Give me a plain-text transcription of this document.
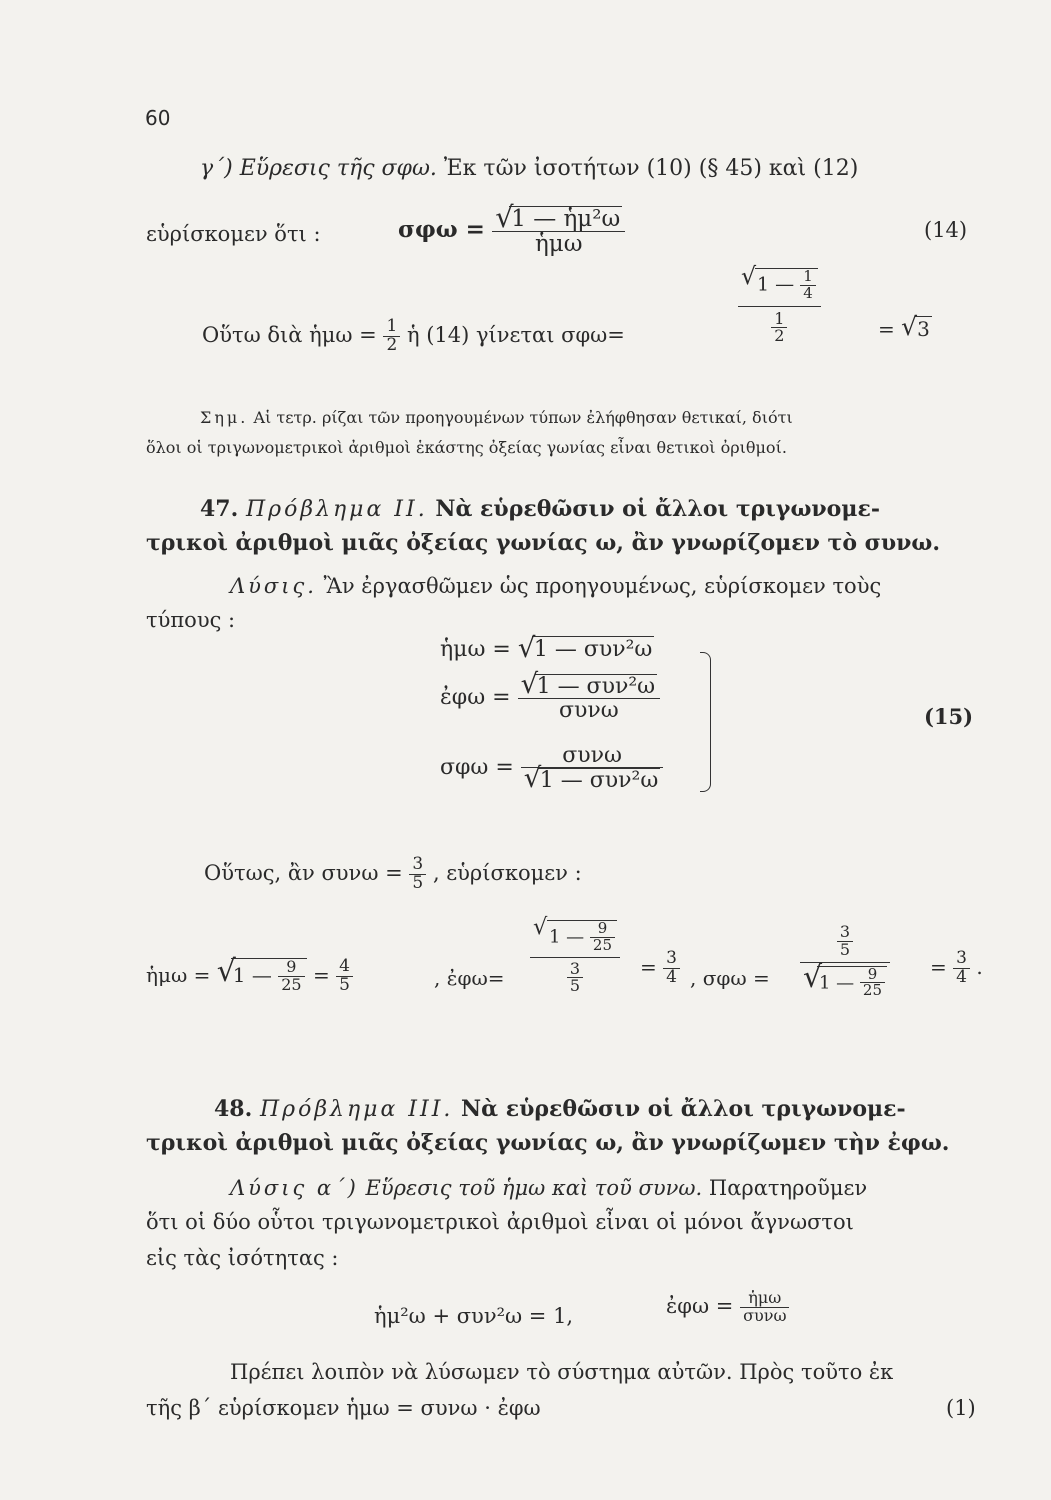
60
γ΄) Εὕρεσις τῆς σφω. Ἐκ τῶν ἰσοτήτων (10) (§ 45) καὶ (12)
εὑρίσκομεν ὅτι :	σφω = √ $\frac{\text{1 — ἡμ²ω}}{\text{ἡμω}}$	(14)
Οὕτω διὰ ἡμω = $\frac{1}{2}$ ἡ (14) γίνεται σφω=	√ $\frac{1 — \frac{1}{4}}{\frac{1}{2}}$	= √ 3
Σημ. Αἱ τετρ. ρίζαι τῶν προηγουμένων τύπων ἐλήφθησαν θετικαί, διότι
ὅλοι οἱ τριγωνομετρικοὶ ἀριθμοὶ ἑκάστης ὀξείας γωνίας εἶναι θετικοὶ ὀριθμοί.
47. Πρόβλημα ΙΙ. Νὰ εὑρεθῶσιν οἱ ἄλλοι τριγωνομε-
τρικοὶ ἀριθμοὶ μιᾶς ὀξείας γωνίας ω, ἂν γνωρίζομεν τὸ συνω.
Λύσις. Ἂν ἐργασθῶμεν ὡς προηγουμένως, εὑρίσκομεν τοὺς
τύπους :
ἡμω = √ 1 — συν²ω
ἐφω = √ $\frac{\text{1 — συν²ω}}{\text{συνω}}$
σφω = συνω
√ 1 — συν²ω
(15)
Οὕτως, ἂν $\sigma\upsilon\nu\omega = \frac{3}{5}$ , εὑρίσκομεν :
ἡμω = √ 1 — $\frac{9}{25} = \frac{4}{5}$	, ἐφω= √ $\frac{1 — \frac{9}{25}}{\frac{3}{5}} = \frac{3}{4}$ , $\sigma\varphi\omega = \frac{3}{5}$
√ 1 — $\frac{9}{25} = \frac{3}{4}$ .
48. Πρόβλημα ΙΙΙ. Νὰ εὑρεθῶσιν οἱ ἄλλοι τριγωνομε-
τρικοὶ ἀριθμοὶ μιᾶς ὀξείας γωνίας ω, ἂν γνωρίζωμεν τὴν ἐφω.
Λύσις α΄) Εὕρεσις τοῦ ἡμω καὶ τοῦ συνω. Παρατηροῦμεν
ὅτι οἱ δύο οὗτοι τριγωνομετρικοὶ ἀριθμοὶ εἶναι οἱ μόνοι ἄγνωστοι
εἰς τὰς ἰσότητας :
ἡμ²ω + συν²ω = 1,	ἐφω = $\frac{\text{ἡμω}}{\text{συνω}}$
Πρέπει λοιπὸν νὰ λύσωμεν τὸ σύστημα αὐτῶν. Πρὸς τοῦτο ἐκ
τῆς β΄ εὑρίσκομεν ἡμω = συνω · ἐφω	(1)
